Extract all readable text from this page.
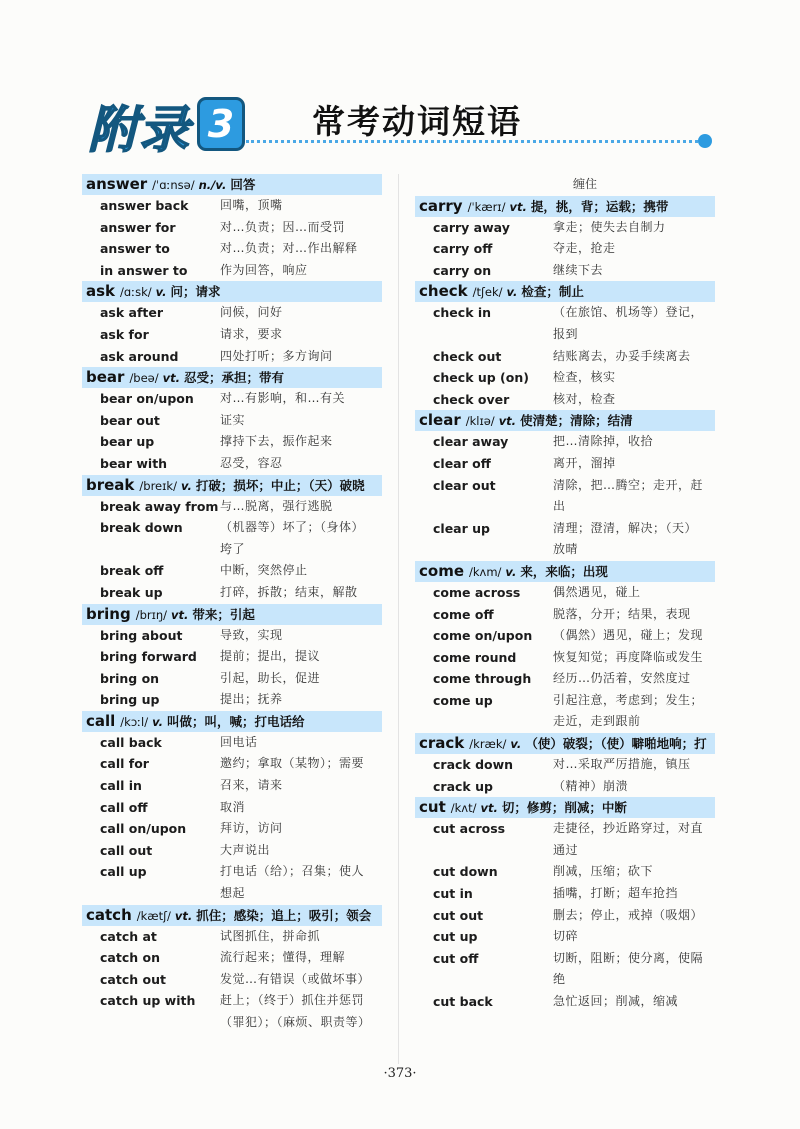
附录 3	常考动词短语
answer /ˈɑːnsə/ n./v. 回答
answer back	回嘴，顶嘴
answer for	对…负责；因…而受罚
answer to	对…负责；对…作出解释
in answer to	作为回答，响应
ask /ɑːsk/ v. 问；请求
ask after	问候，问好
ask for	请求，要求
ask around	四处打听；多方询问
bear /beə/ vt. 忍受；承担；带有
bear on/upon	对…有影响，和…有关
bear out	证实
bear up	撑持下去，振作起来
bear with	忍受，容忍
break /breɪk/ v. 打破；损坏；中止；（天）破晓
break away from 与…脱离，强行逃脱
break down	（机器等）坏了；（身体）垮了
break off	中断，突然停止
break up	打碎，拆散；结束，解散
bring /brɪŋ/ vt. 带来；引起
bring about	导致，实现
bring forward	提前；提出，提议
bring on	引起，助长，促进
bring up	提出；抚养
call /kɔːl/ v. 叫做；叫，喊；打电话给
call back	回电话
call for	邀约；拿取（某物）；需要
call in	召来，请来
call off	取消
call on/upon	拜访，访问
call out	大声说出
call up	打电话（给）；召集；使人想起
catch /kætʃ/ vt. 抓住；感染；追上；吸引；领会
catch at	试图抓住，拼命抓
catch on	流行起来；懂得，理解
catch out	发觉…有错误（或做坏事）
catch up with	赶上；（终于）抓住并惩罚（罪犯）；（麻烦、职责等）
缠住
carry /ˈkærɪ/ vt. 提，挑，背；运载；携带
carry away	拿走；使失去自制力
carry off	夺走，抢走
carry on	继续下去
check /tʃek/ v. 检查；制止
check in	（在旅馆、机场等）登记，报到
check out	结账离去，办妥手续离去
check up (on)	检查，核实
check over	核对，检查
clear /klɪə/ vt. 使清楚；清除；结清
clear away	把…清除掉，收拾
clear off	离开，溜掉
clear out	清除，把…腾空；走开，赶出
clear up	清理；澄清，解决；（天）放晴
come /kʌm/ v. 来，来临；出现
come across	偶然遇见，碰上
come off	脱落，分开；结果，表现
come on/upon	（偶然）遇见，碰上；发现
come round	恢复知觉；再度降临或发生
come through	经历…仍活着，安然度过
come up	引起注意，考虑到；发生；走近，走到跟前
crack /kræk/ v. （使）破裂；（使）噼啪地响；打
crack down	对…采取严厉措施，镇压
crack up	（精神）崩溃
cut /kʌt/ vt. 切；修剪；削减；中断
cut across	走捷径，抄近路穿过，对直通过
cut down	削减，压缩；砍下
cut in	插嘴，打断；超车抢挡
cut out	删去；停止，戒掉（吸烟）
cut up	切碎
cut off	切断，阻断；使分离，使隔绝
cut back	急忙返回；削减，缩减
·373·
